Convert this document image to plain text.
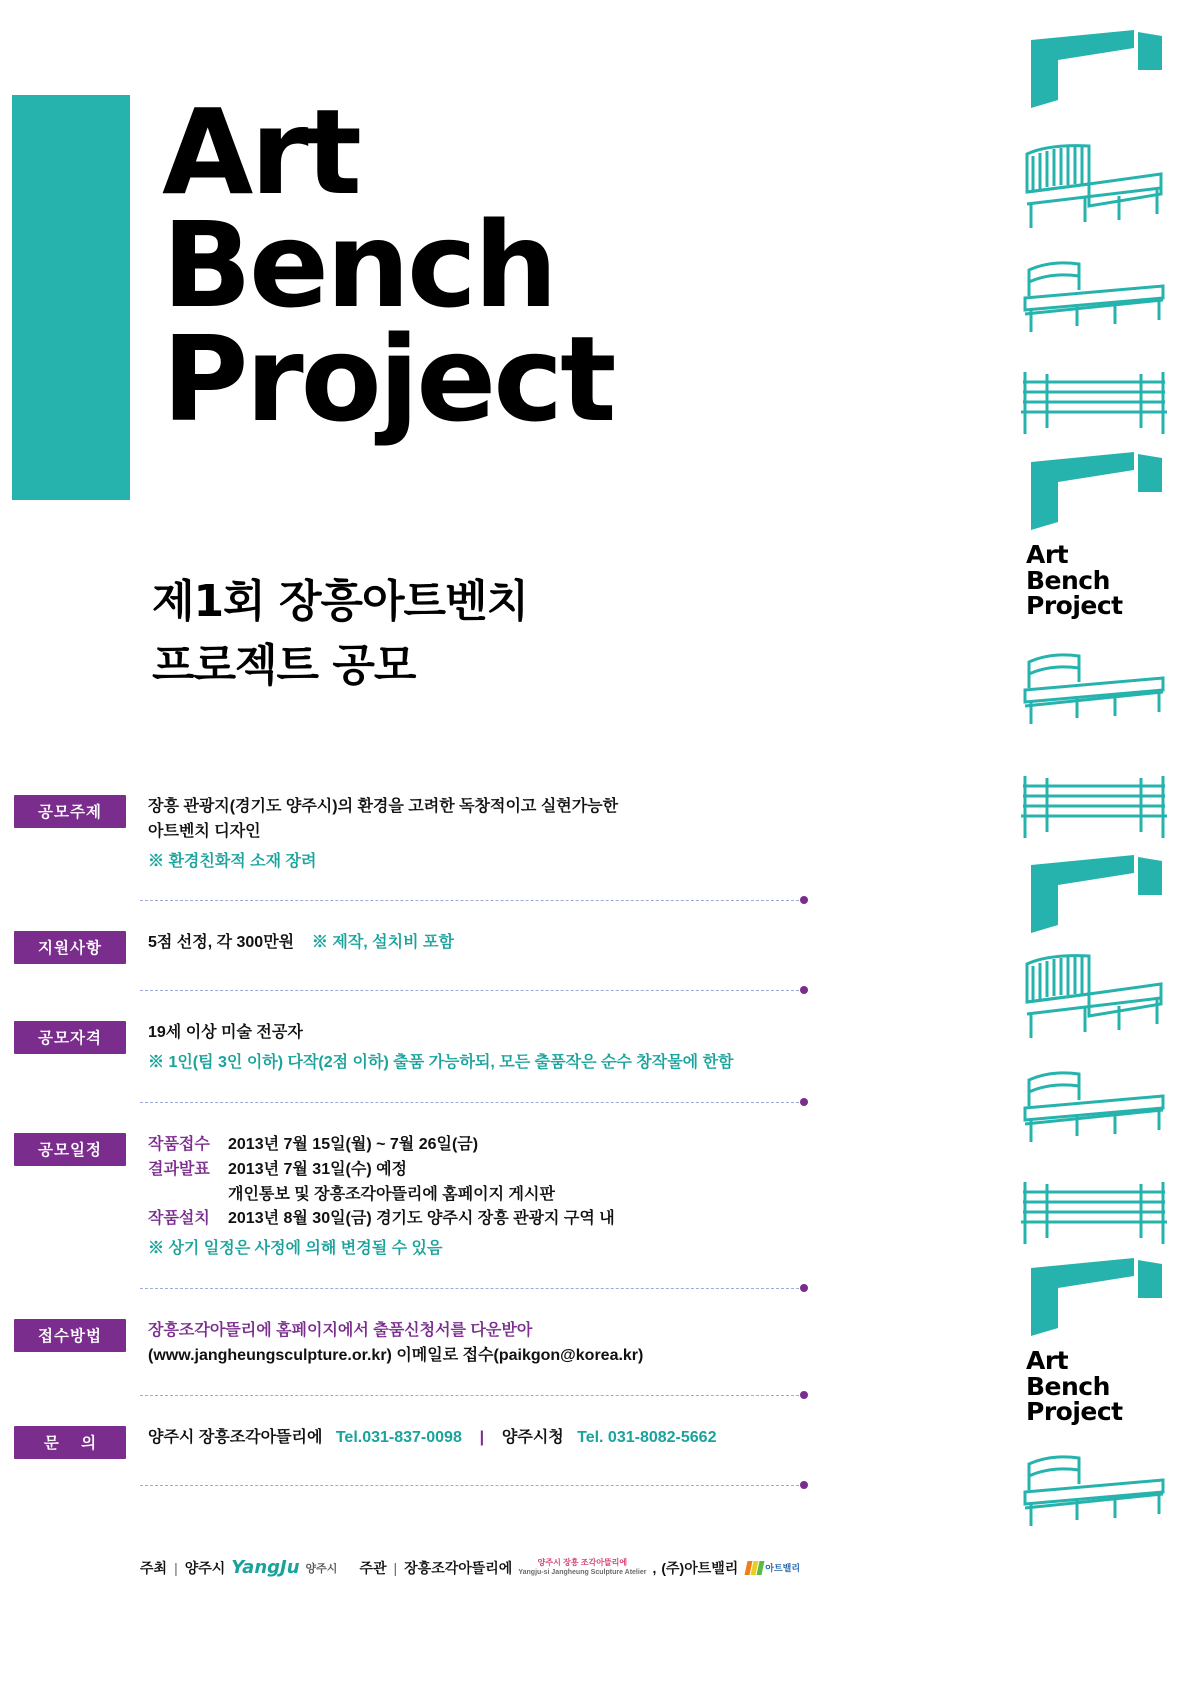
Art
Bench
Project
제1회 장흥아트벤치
프로젝트 공모
공모주제	장흥 관광지(경기도 양주시)의 환경을 고려한 독창적이고 실현가능한
아트벤치 디자인
※ 환경친화적 소재 장려
지원사항	5점 선정, 각 300만원 ※ 제작, 설치비 포함
공모자격	19세 이상 미술 전공자
※ 1인(팀 3인 이하) 다작(2점 이하) 출품 가능하되, 모든 출품작은 순수 창작물에 한함
공모일정	작품접수	2013년 7월 15일(월) ~ 7월 26일(금)
결과발표	2013년 7월 31일(수) 예정
개인통보 및 장흥조각아뜰리에 홈페이지 게시판
작품설치	2013년 8월 30일(금) 경기도 양주시 장흥 관광지 구역 내
※ 상기 일정은 사정에 의해 변경될 수 있음
접수방법	장흥조각아뜰리에 홈페이지에서 출품신청서를 다운받아
(www.jangheungsculpture.or.kr) 이메일로 접수(paikgon@korea.kr)
문 의	양주시 장흥조각아뜰리에 Tel.031-837-0098 | 양주시청 Tel. 031-8082-5662
주최 | 양주시 YangJu 양주시 주관 | 장흥조각아뜰리에	양주시 장흥 조각아뜰리에
Yangju-si Jangheung Sculpture Atelier , (주)아트밸리	아트밸리
Art
Bench
Project
Art
Bench
Project
